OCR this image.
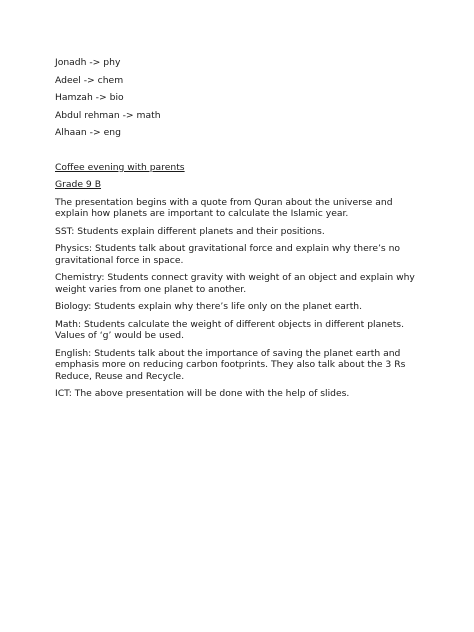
Jonadh -> phy
Adeel -> chem
Hamzah -> bio
Abdul rehman -> math
Alhaan -> eng
Coffee evening with parents
Grade 9 B

The presentation begins with a quote from Quran about the universe and explain how planets are important to calculate the Islamic year.

SST: Students explain different planets and their positions.

Physics: Students talk about gravitational force and explain why there’s no gravitational force in space.

Chemistry: Students connect gravity with weight of an object and explain why weight varies from one planet to another.

Biology: Students explain why there’s life only on the planet earth.

Math: Students calculate the weight of different objects in different planets. Values of ‘g’ would be used.

English: Students talk about the importance of saving the planet earth and emphasis more on reducing carbon footprints. They also talk about the 3 Rs Reduce, Reuse and Recycle.

ICT: The above presentation will be done with the help of slides.
